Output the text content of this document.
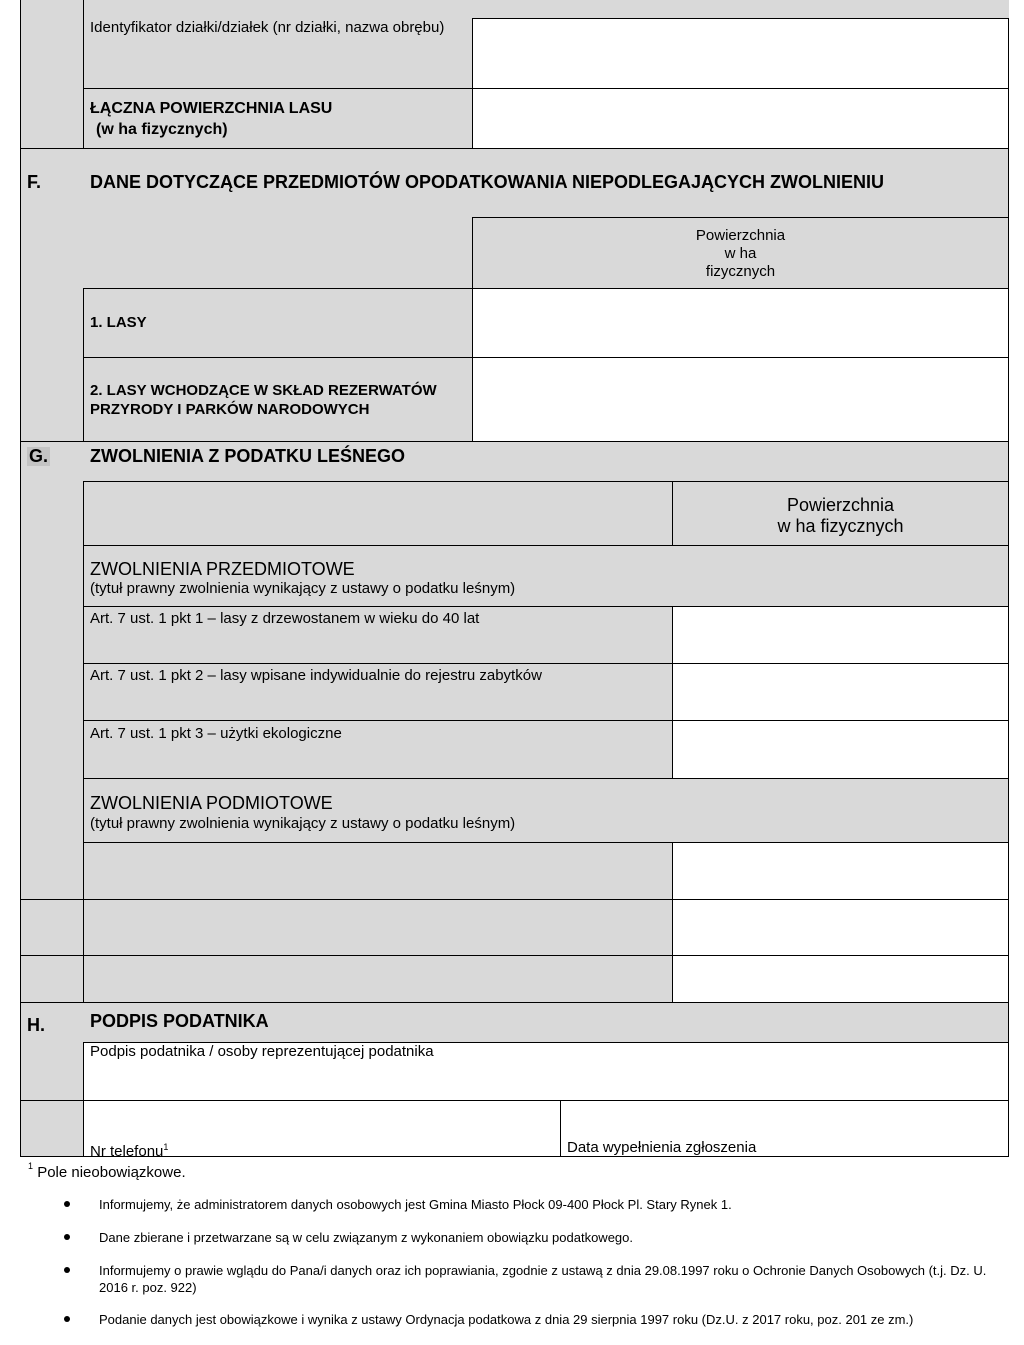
Identyfikator działki/działek (nr działki, nazwa obrębu)
ŁĄCZNA POWIERZCHNIA LASU
(w ha fizycznych)
F.	DANE DOTYCZĄCE PRZEDMIOTÓW OPODATKOWANIA NIEPODLEGAJĄCYCH ZWOLNIENIU
Powierzchnia
w ha
fizycznych
1. LASY
2. LASY WCHODZĄCE W SKŁAD REZERWATÓW
PRZYRODY I PARKÓW NARODOWYCH
G. ZWOLNIENIA Z PODATKU LEŚNEGO
Powierzchnia
w ha fizycznych
ZWOLNIENIA PRZEDMIOTOWE
(tytuł prawny zwolnienia wynikający z ustawy o podatku leśnym)
Art. 7 ust. 1 pkt 1 – lasy z drzewostanem w wieku do 40 lat
Art. 7 ust. 1 pkt 2 – lasy wpisane indywidualnie do rejestru zabytków
Art. 7 ust. 1 pkt 3 – użytki ekologiczne
ZWOLNIENIA PODMIOTOWE
(tytuł prawny zwolnienia wynikający z ustawy o podatku leśnym)
H.	PODPIS PODATNIKA
Podpis podatnika / osoby reprezentującej podatnika
Nr telefonu$^1$	Data wypełnienia zgłoszenia
$^1$ Pole nieobowiązkowe.
Informujemy, że administratorem danych osobowych jest Gmina Miasto Płock 09-400 Płock Pl. Stary Rynek 1.
Dane zbierane i przetwarzane są w celu związanym z wykonaniem obowiązku podatkowego.
Informujemy o prawie wglądu do Pana/i danych oraz ich poprawiania, zgodnie z ustawą z dnia 29.08.1997 roku o Ochronie Danych Osobowych (t.j. Dz. U. 2016 r. poz. 922)
Podanie danych jest obowiązkowe i wynika z ustawy Ordynacja podatkowa z dnia 29 sierpnia 1997 roku (Dz.U. z 2017 roku, poz. 201 ze zm.)
